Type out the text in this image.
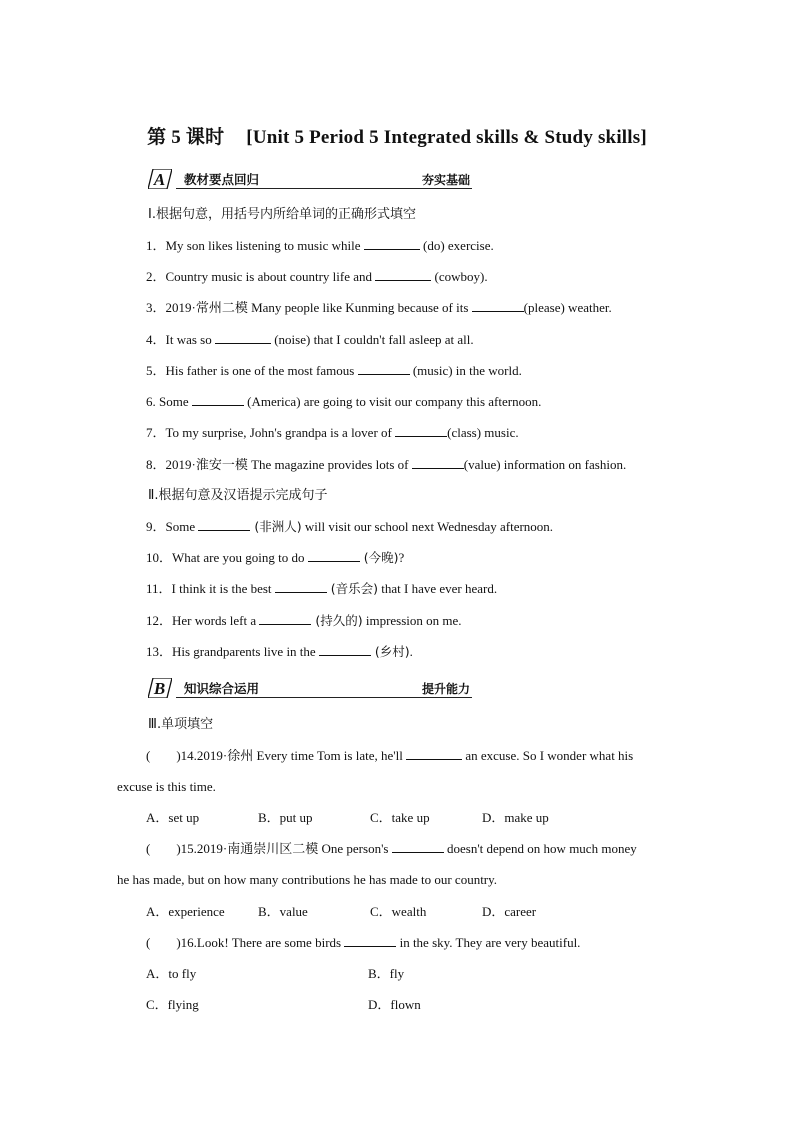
第 5 课时 [Unit 5 Period 5 Integrated skills & Study skills]
A 教材要点回归	夯实基础
Ⅰ.根据句意，用括号内所给单词的正确形式填空
1．My son likes listening to music while	(do) exercise.
2．Country music is about country life and	(cowboy).
3．2019·常州二模 Many people like Kunming because of its	(please) weather.
4．It was so	(noise) that I couldn't fall asleep at all.
5．His father is one of the most famous	(music) in the world.
6. Some	(America) are going to visit our company this afternoon.
7．To my surprise, John's grandpa is a lover of	(class) music.
8．2019·淮安一模 The magazine provides lots of	(value) information on fashion.
Ⅱ.根据句意及汉语提示完成句子
9．Some	(非洲人) will visit our school next Wednesday afternoon.
10．What are you going to do	(今晚)?
11．I think it is the best	(音乐会) that I have ever heard.
12．Her words left a	(持久的) impression on me.
13．His grandparents live in the	(乡村).
B 知识综合运用	提升能力
Ⅲ.单项填空
( )14.2019·徐州 Every time Tom is late, he'll	an excuse. So I wonder what his
excuse is this time.
A．set up	B．put up	C．take up	D．make up
( )15.2019·南通崇川区二模 One person's	doesn't depend on how much money
he has made, but on how many contributions he has made to our country.
A．experience	B．value	C．wealth	D．career
( )16.Look! There are some birds	in the sky. They are very beautiful.
A．to fly	B．fly
C．flying	D．flown
